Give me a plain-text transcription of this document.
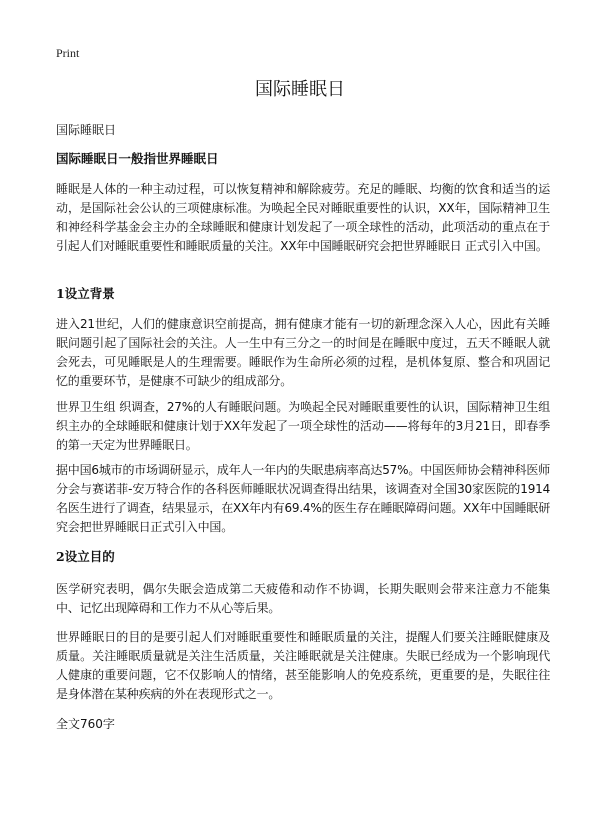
Print
国际睡眠日
国际睡眠日
国际睡眠日一般指世界睡眠日
睡眠是人体的一种主动过程，可以恢复精神和解除疲劳。充足的睡眠、均衡的饮食和适当的运动，是国际社会公认的三项健康标准。为唤起全民对睡眠重要性的认识，XX年，国际精神卫生和神经科学基金会主办的全球睡眠和健康计划发起了一项全球性的活动，此项活动的重点在于引起人们对睡眠重要性和睡眠质量的关注。XX年中国睡眠研究会把世界睡眠日 正式引入中国。
1设立背景
进入21世纪，人们的健康意识空前提高，拥有健康才能有一切的新理念深入人心，因此有关睡眠问题引起了国际社会的关注。人一生中有三分之一的时间是在睡眠中度过，五天不睡眠人就会死去，可见睡眠是人的生理需要。睡眠作为生命所必须的过程，是机体复原、整合和巩固记忆的重要环节，是健康不可缺少的组成部分。
世界卫生组 织调查，27%的人有睡眠问题。为唤起全民对睡眠重要性的认识，国际精神卫生组织主办的全球睡眠和健康计划于XX年发起了一项全球性的活动——将每年的3月21日，即春季的第一天定为世界睡眠日。
据中国6城市的市场调研显示，成年人一年内的失眠患病率高达57%。中国医师协会精神科医师分会与赛诺菲-安万特合作的各科医师睡眠状况调查得出结果，该调查对全国30家医院的1914名医生进行了调查，结果显示，在XX年内有69.4%的医生存在睡眠障碍问题。XX年中国睡眠研究会把世界睡眠日正式引入中国。
2设立目的
医学研究表明，偶尔失眠会造成第二天疲倦和动作不协调，长期失眠则会带来注意力不能集中、记忆出现障碍和工作力不从心等后果。
世界睡眠日的目的是要引起人们对睡眠重要性和睡眠质量的关注，提醒人们要关注睡眠健康及质量。关注睡眠质量就是关注生活质量，关注睡眠就是关注健康。失眠已经成为一个影响现代人健康的重要问题，它不仅影响人的情绪，甚至能影响人的免疫系统，更重要的是，失眠往往是身体潜在某种疾病的外在表现形式之一。
全文760字
